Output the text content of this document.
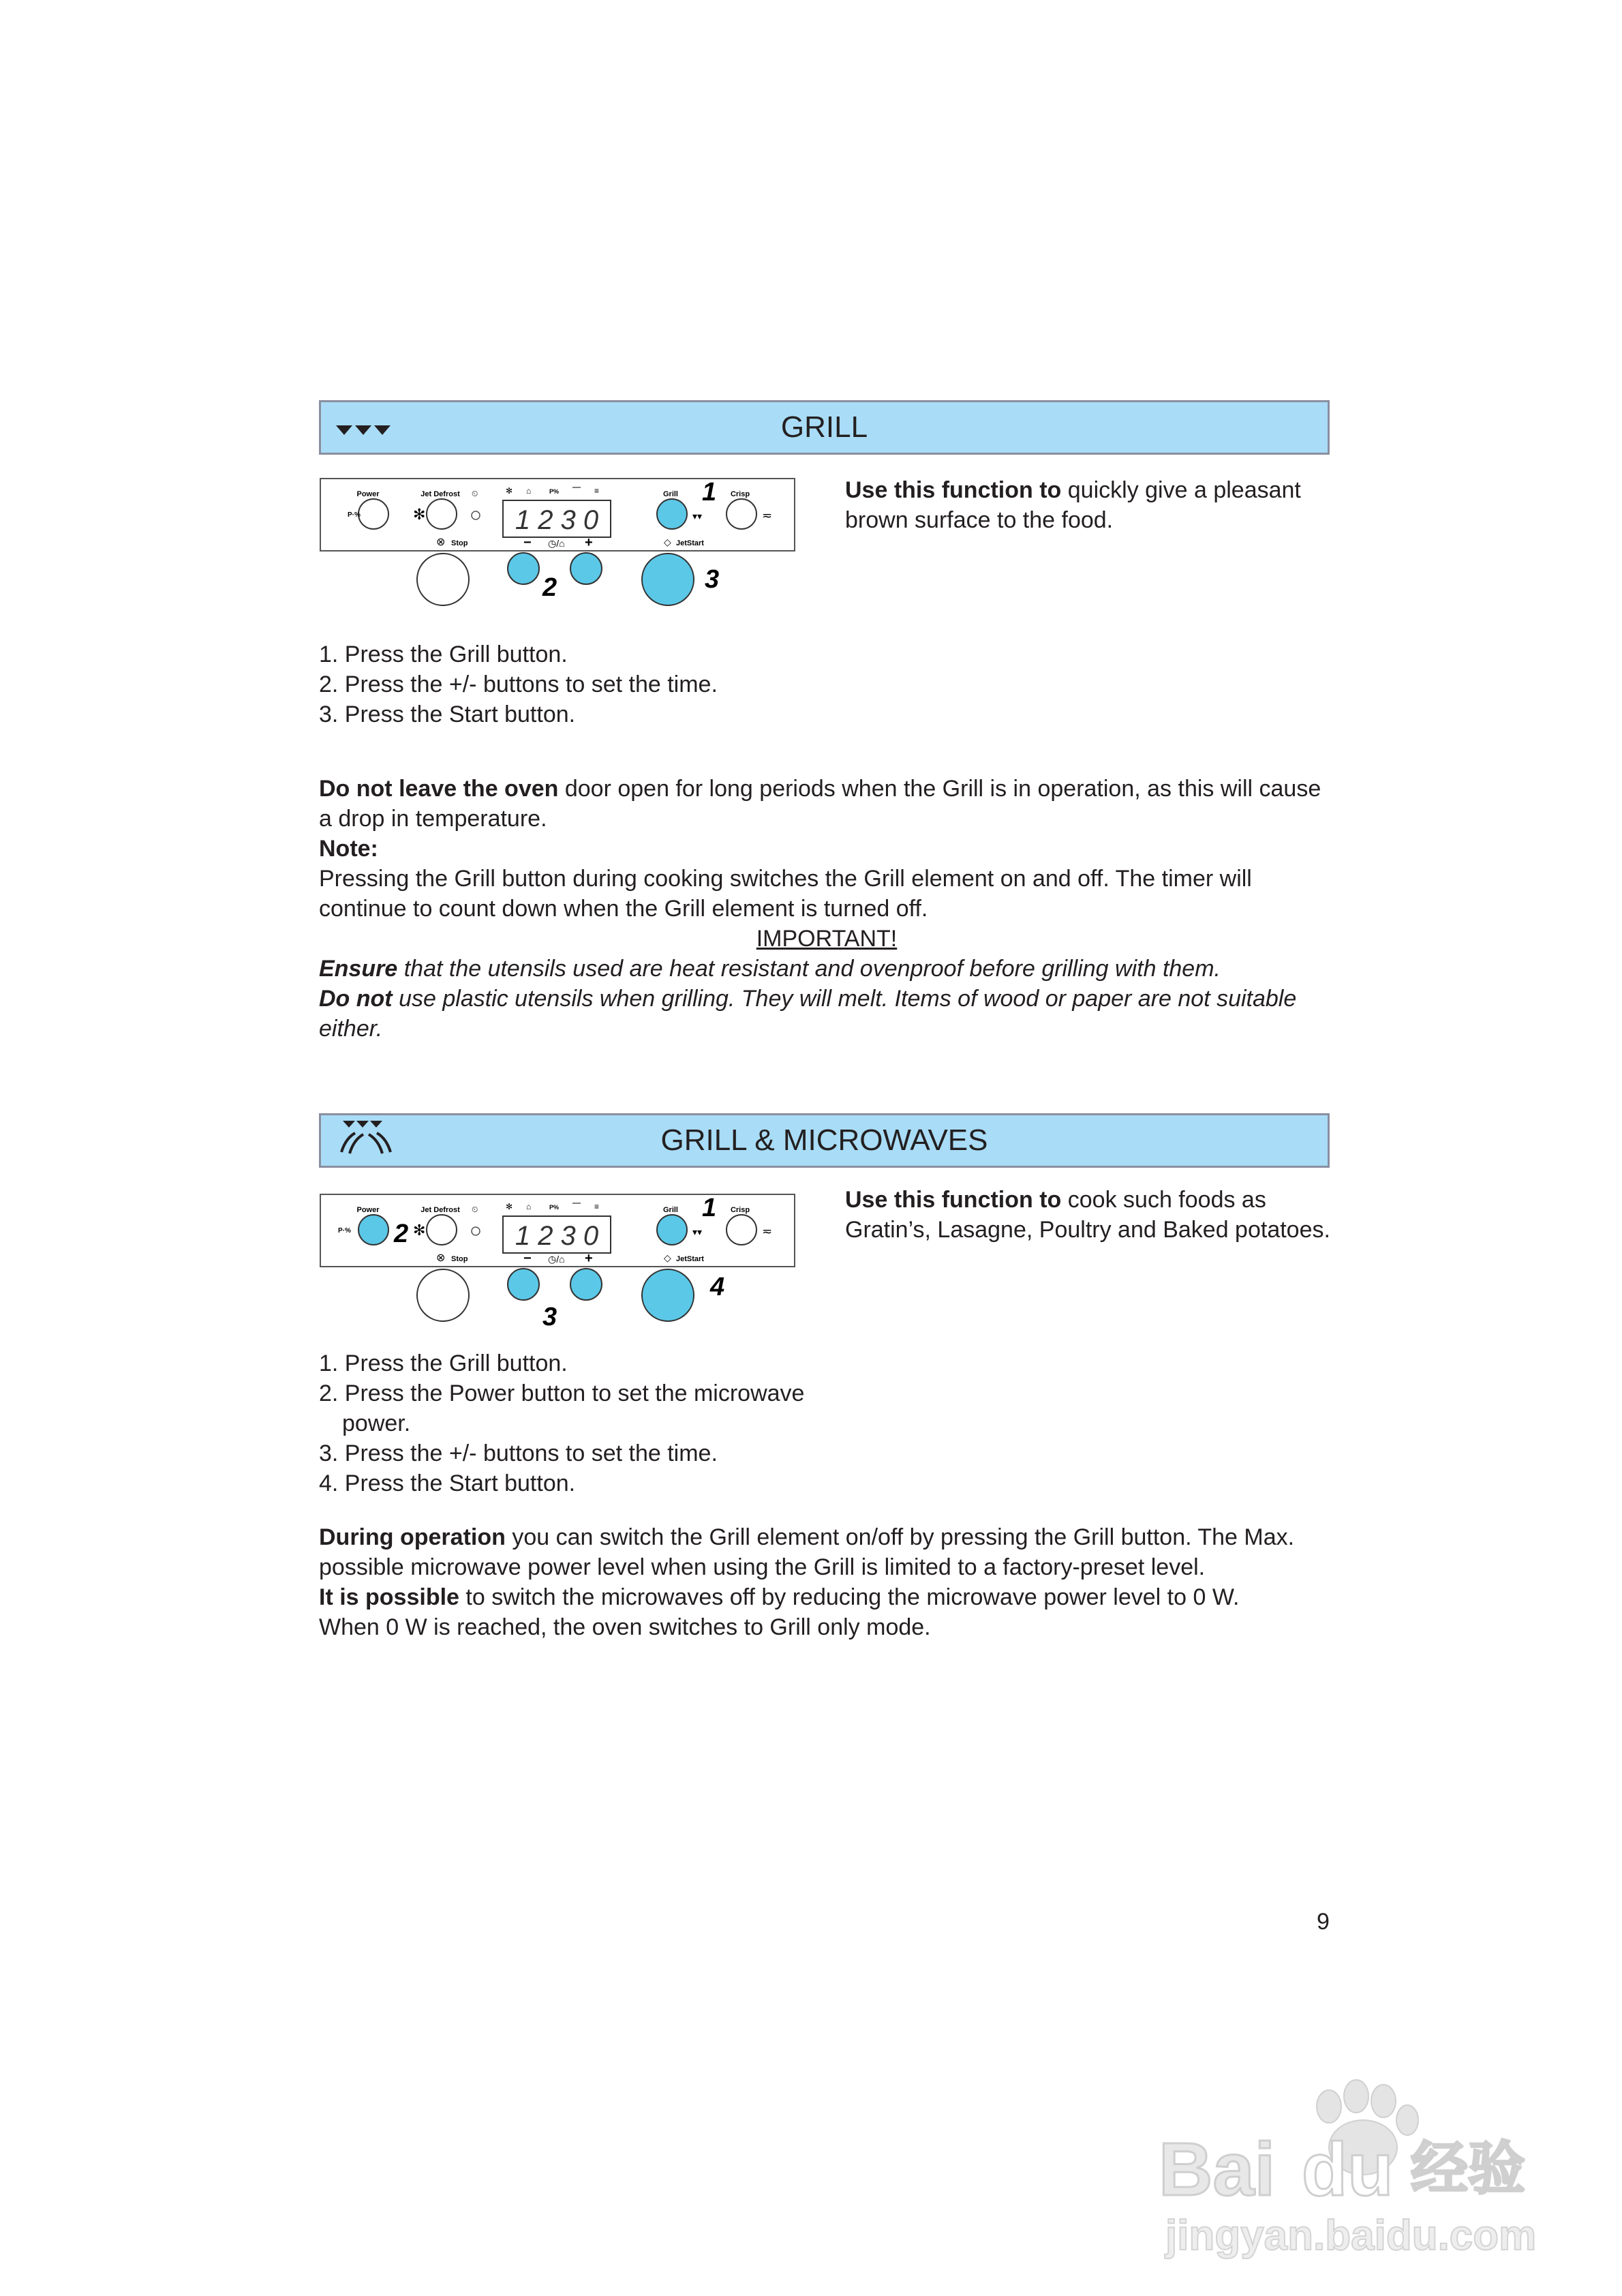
GRILL
Power
P·%
Jet Defrost
✻
⏲	✻ ⌂	P% ⎺ ≡
1 2 3 0
Grill
▾▾
1 Crisp
≂
⊗ Stop	− ◷/⌂ +	◇ JetStart
2	3
Use this function to quickly give a pleasant brown surface to the food.
1. Press the Grill button.
2. Press the +/- buttons to set the time.
3. Press the Start button.

Do not leave the oven door open for long periods when the Grill is in operation, as this will cause a drop in temperature.

Note:

Pressing the Grill button during cooking switches the Grill element on and off. The timer will continue to count down when the Grill element is turned off.

IMPORTANT!

Ensure that the utensils used are heat resistant and ovenproof before grilling with them.

Do not use plastic utensils when grilling. They will melt. Items of wood or paper are not suitable either.

GRILL & MICROWAVES
Power
P·% 2
Jet Defrost
✻
⏲	✻ ⌂	P% ⎺ ≡
1 2 3 0
Grill
▾▾
1 Crisp
≂
⊗ Stop	− ◷/⌂ +	◇ JetStart
3
4
Use this function to cook such foods as Gratin’s, Lasagne, Poultry and Baked potatoes.
1. Press the Grill button.
2. Press the Power button to set the microwave
power.
3. Press the +/- buttons to set the time.
4. Press the Start button.

During operation you can switch the Grill element on/off by pressing the Grill button. The Max. possible microwave power level when using the Grill is limited to a factory-preset level.

It is possible to switch the microwaves off by reducing the microwave power level to 0 W.

When 0 W is reached, the oven switches to Grill only mode.

9
Bai du 经验
jingyan.baidu.com
